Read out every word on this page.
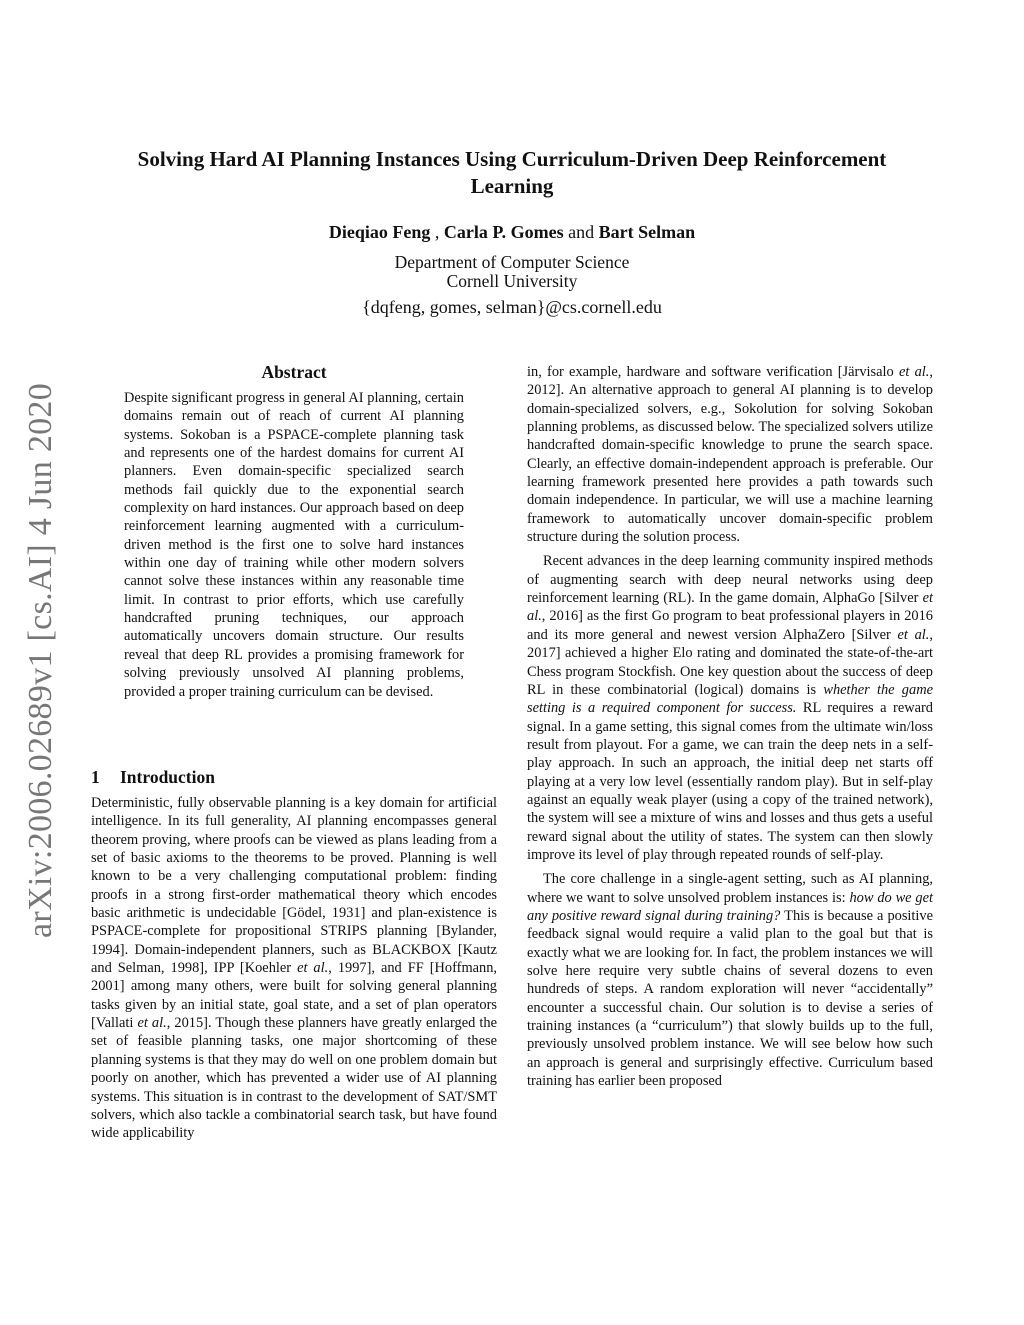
arXiv:2006.02689v1 [cs.AI] 4 Jun 2020
Solving Hard AI Planning Instances Using Curriculum-Driven Deep Reinforcement Learning
Dieqiao Feng , Carla P. Gomes and Bart Selman
Department of Computer Science
Cornell University
{dqfeng, gomes, selman}@cs.cornell.edu
Abstract

Despite significant progress in general AI planning, certain domains remain out of reach of current AI planning systems. Sokoban is a PSPACE-complete planning task and represents one of the hardest domains for current AI planners. Even domain-specific specialized search methods fail quickly due to the exponential search complexity on hard instances. Our approach based on deep reinforcement learning augmented with a curriculum-driven method is the first one to solve hard instances within one day of training while other modern solvers cannot solve these instances within any reasonable time limit. In contrast to prior efforts, which use carefully handcrafted pruning techniques, our approach automatically uncovers domain structure. Our results reveal that deep RL provides a promising framework for solving previously unsolved AI planning problems, provided a proper training curriculum can be devised.

1 Introduction

Deterministic, fully observable planning is a key domain for artificial intelligence. In its full generality, AI planning encompasses general theorem proving, where proofs can be viewed as plans leading from a set of basic axioms to the theorems to be proved. Planning is well known to be a very challenging computational problem: finding proofs in a strong first-order mathematical theory which encodes basic arithmetic is undecidable [Gödel, 1931] and plan-existence is PSPACE-complete for propositional STRIPS planning [Bylander, 1994]. Domain-independent planners, such as BLACKBOX [Kautz and Selman, 1998], IPP [Koehler et al., 1997], and FF [Hoffmann, 2001] among many others, were built for solving general planning tasks given by an initial state, goal state, and a set of plan operators [Vallati et al., 2015]. Though these planners have greatly enlarged the set of feasible planning tasks, one major shortcoming of these planning systems is that they may do well on one problem domain but poorly on another, which has prevented a wider use of AI planning systems. This situation is in contrast to the development of SAT/SMT solvers, which also tackle a combinatorial search task, but have found wide applicability

in, for example, hardware and software verification [Järvisalo et al., 2012]. An alternative approach to general AI planning is to develop domain-specialized solvers, e.g., Sokolution for solving Sokoban planning problems, as discussed below. The specialized solvers utilize handcrafted domain-specific knowledge to prune the search space. Clearly, an effective domain-independent approach is preferable. Our learning framework presented here provides a path towards such domain independence. In particular, we will use a machine learning framework to automatically uncover domain-specific problem structure during the solution process.

Recent advances in the deep learning community inspired methods of augmenting search with deep neural networks using deep reinforcement learning (RL). In the game domain, AlphaGo [Silver et al., 2016] as the first Go program to beat professional players in 2016 and its more general and newest version AlphaZero [Silver et al., 2017] achieved a higher Elo rating and dominated the state-of-the-art Chess program Stockfish. One key question about the success of deep RL in these combinatorial (logical) domains is whether the game setting is a required component for success. RL requires a reward signal. In a game setting, this signal comes from the ultimate win/loss result from playout. For a game, we can train the deep nets in a self-play approach. In such an approach, the initial deep net starts off playing at a very low level (essentially random play). But in self-play against an equally weak player (using a copy of the trained network), the system will see a mixture of wins and losses and thus gets a useful reward signal about the utility of states. The system can then slowly improve its level of play through repeated rounds of self-play.

The core challenge in a single-agent setting, such as AI planning, where we want to solve unsolved problem instances is: how do we get any positive reward signal during training? This is because a positive feedback signal would require a valid plan to the goal but that is exactly what we are looking for. In fact, the problem instances we will solve here require very subtle chains of several dozens to even hundreds of steps. A random exploration will never “accidentally” encounter a successful chain. Our solution is to devise a series of training instances (a “curriculum”) that slowly builds up to the full, previously unsolved problem instance. We will see below how such an approach is general and surprisingly effective. Curriculum based training has earlier been proposed
